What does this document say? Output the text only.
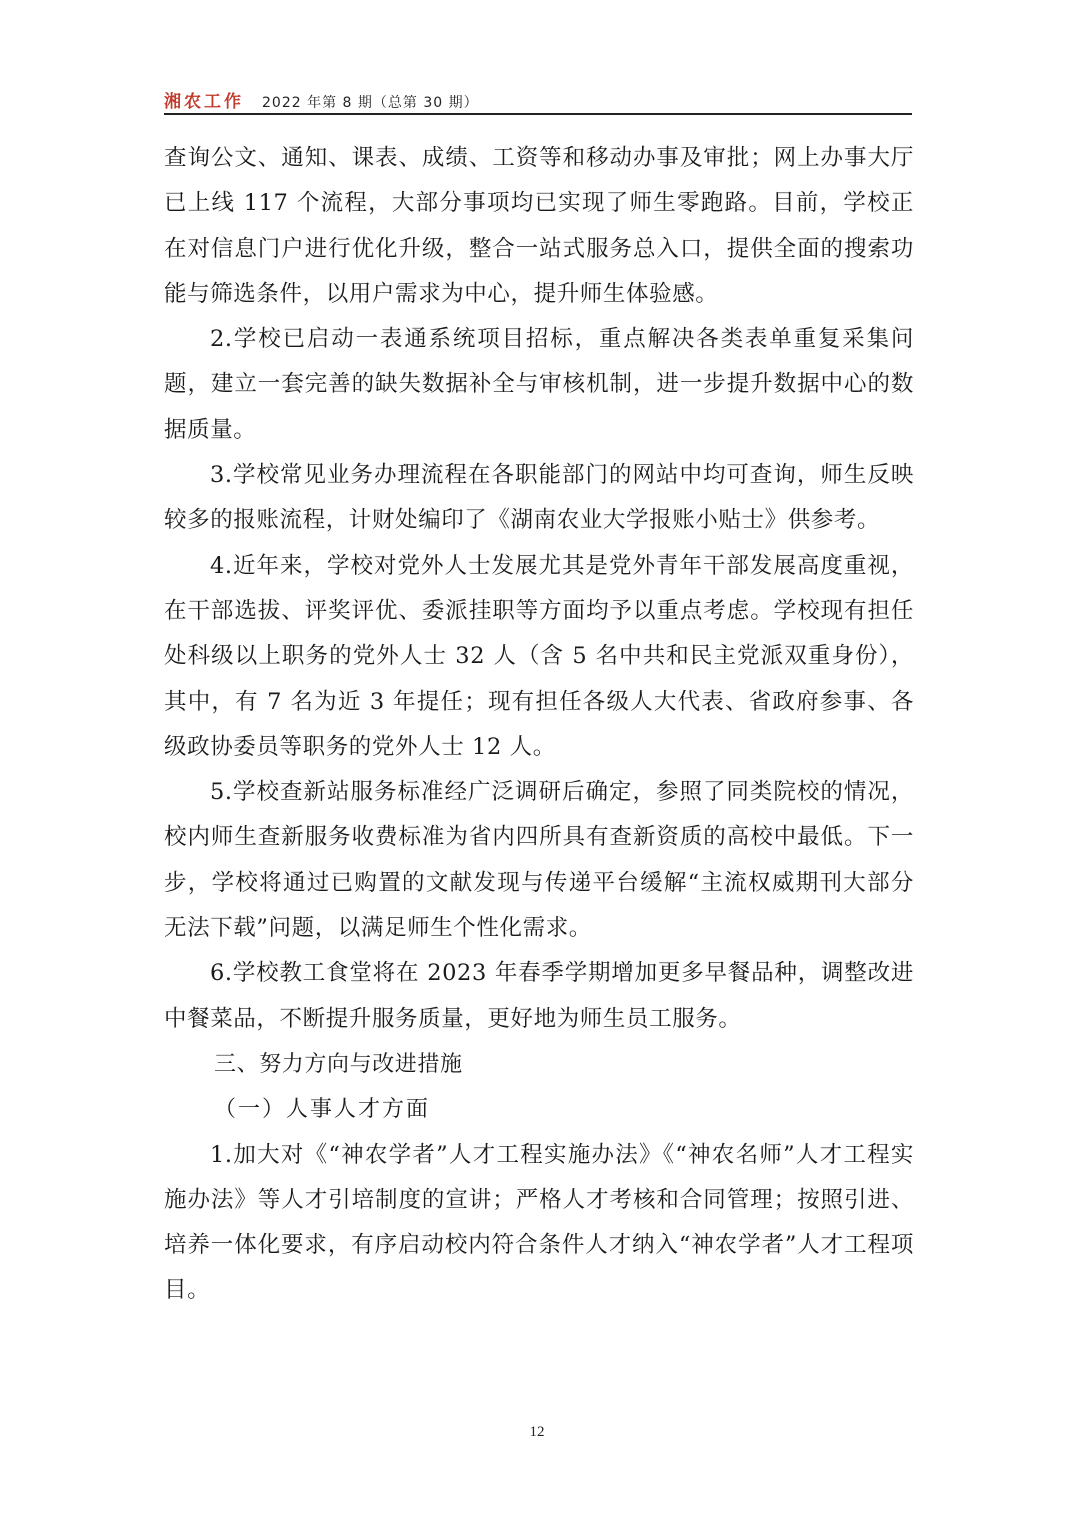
湘农工作 2022 年第 8 期（总第 30 期）

查询公文、通知、课表、成绩、工资等和移动办事及审批；网上办事大厅已上线 117 个流程，大部分事项均已实现了师生零跑路。目前，学校正在对信息门户进行优化升级，整合一站式服务总入口，提供全面的搜索功能与筛选条件，以用户需求为中心，提升师生体验感。

2.学校已启动一表通系统项目招标，重点解决各类表单重复采集问题，建立一套完善的缺失数据补全与审核机制，进一步提升数据中心的数据质量。

3.学校常见业务办理流程在各职能部门的网站中均可查询，师生反映较多的报账流程，计财处编印了《湖南农业大学报账小贴士》供参考。

4.近年来，学校对党外人士发展尤其是党外青年干部发展高度重视，在干部选拔、评奖评优、委派挂职等方面均予以重点考虑。学校现有担任处科级以上职务的党外人士 32 人（含 5 名中共和民主党派双重身份），其中，有 7 名为近 3 年提任；现有担任各级人大代表、省政府参事、各级政协委员等职务的党外人士 12 人。

5.学校查新站服务标准经广泛调研后确定，参照了同类院校的情况，校内师生查新服务收费标准为省内四所具有查新资质的高校中最低。下一步，学校将通过已购置的文献发现与传递平台缓解“主流权威期刊大部分无法下载”问题，以满足师生个性化需求。

6.学校教工食堂将在 2023 年春季学期增加更多早餐品种，调整改进中餐菜品，不断提升服务质量，更好地为师生员工服务。

三、努力方向与改进措施

（一）人事人才方面

1.加大对《“神农学者”人才工程实施办法》《“神农名师”人才工程实施办法》等人才引培制度的宣讲；严格人才考核和合同管理；按照引进、培养一体化要求，有序启动校内符合条件人才纳入“神农学者”人才工程项目。

12
